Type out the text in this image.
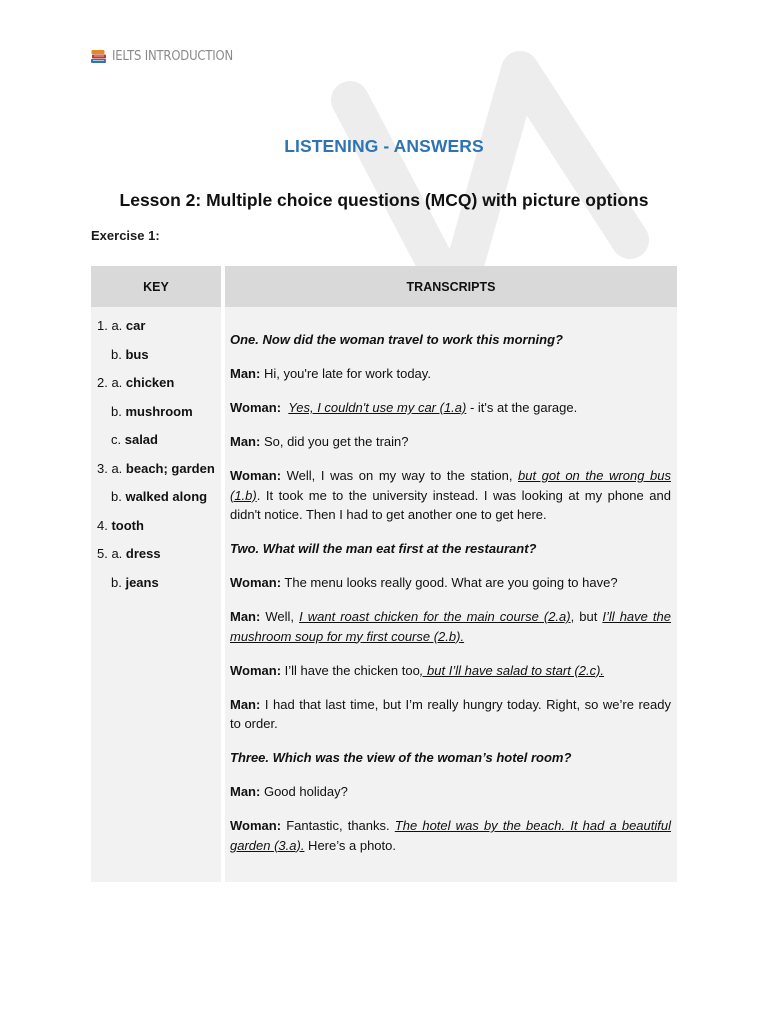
IELTS INTRODUCTION
LISTENING - ANSWERS
Lesson 2: Multiple choice questions (MCQ) with picture options
Exercise 1:
KEY
1. a. car
b. bus
2. a. chicken
b. mushroom
c. salad
3. a. beach; garden
b. walked along
4. tooth
5. a. dress
b. jeans
TRANSCRIPTS

One. Now did the woman travel to work this morning?

Man: Hi, you're late for work today.

Woman: Yes, I couldn't use my car (1.a) - it's at the garage.

Man: So, did you get the train?

Woman: Well, I was on my way to the station, but got on the wrong bus (1.b). It took me to the university instead. I was looking at my phone and didn't notice. Then I had to get another one to get here.

Two. What will the man eat first at the restaurant?

Woman: The menu looks really good. What are you going to have?

Man: Well, I want roast chicken for the main course (2.a), but I’ll have the mushroom soup for my first course (2.b).

Woman: I’ll have the chicken too, but I’ll have salad to start (2.c).

Man: I had that last time, but I’m really hungry today. Right, so we’re ready to order.

Three. Which was the view of the woman’s hotel room?

Man: Good holiday?

Woman: Fantastic, thanks. The hotel was by the beach. It had a beautiful garden (3.a). Here’s a photo.
